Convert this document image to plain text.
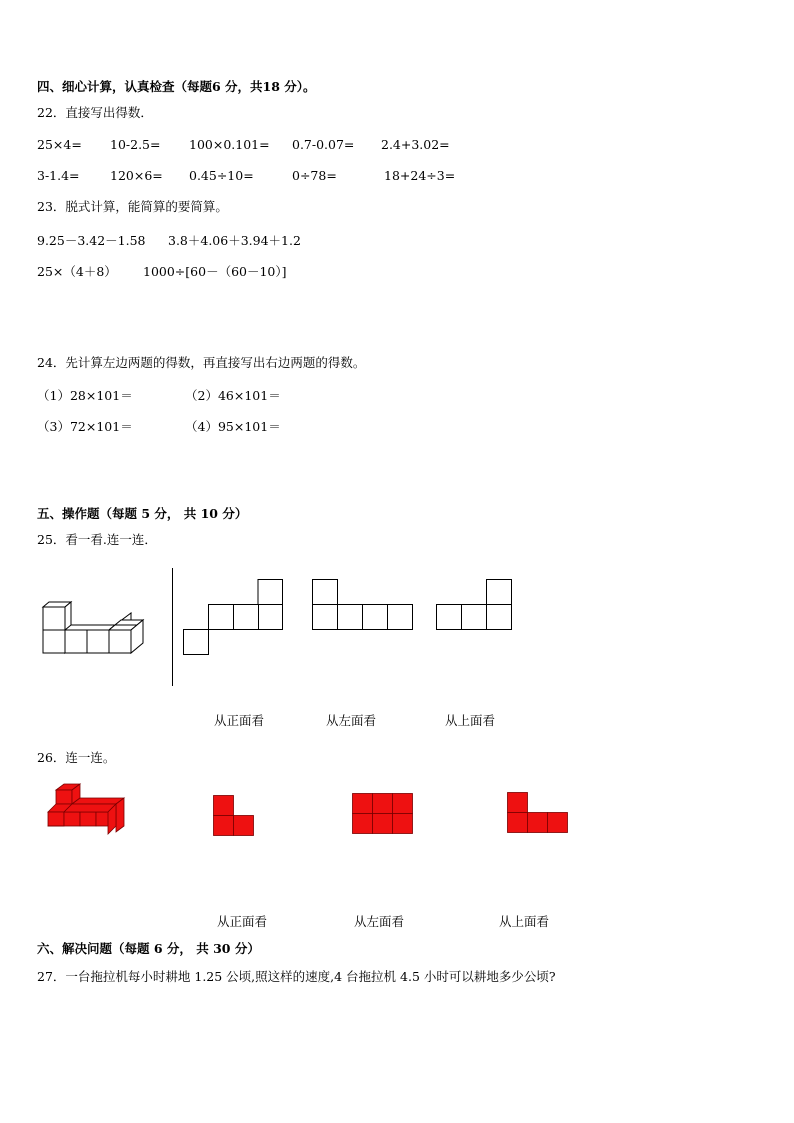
四、细心计算，认真检查（每题6 分，共18 分）。
22．直接写出得数．
25×4= 10-2.5= 100×0.101= 0.7-0.07= 2.4+3.02=
3-1.4= 120×6= 0.45÷10=	0÷78=	18+24÷3=
23．脱式计算，能简算的要简算。
9.25－3.42－1.58 3.8＋4.06＋3.94＋1.2
25×（4＋8） 1000÷[60－（60－10）]
24．先计算左边两题的得数，再直接写出右边两题的得数。
（1）28×101＝	（2）46×101＝
（3）72×101＝	（4）95×101＝
五、操作题（每题 5 分， 共 10 分）
25．看一看.连一连．
从正面看	从左面看	从上面看
26．连一连。
从正面看	从左面看	从上面看
六、解决问题（每题 6 分， 共 30 分）
27．一台拖拉机每小时耕地 1.25 公顷,照这样的速度,4 台拖拉机 4.5 小时可以耕地多少公顷?
